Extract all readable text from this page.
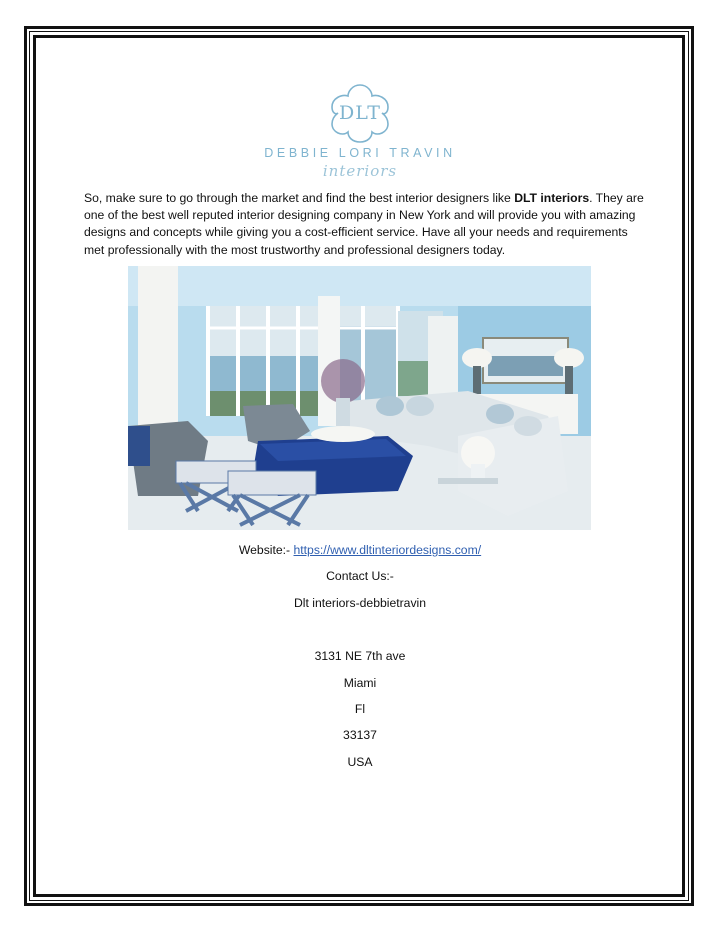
DLT
DEBBIE LORI TRAVIN
interiors
So, make sure to go through the market and find the best interior designers like DLT interiors. They are one of the best well reputed interior designing company in New York and will provide you with amazing designs and concepts while giving you a cost-efficient service. Have all your needs and requirements met professionally with the most trustworthy and professional designers today.
Website:- https://www.dltinteriordesigns.com/
Contact Us:-
Dlt interiors-debbietravin
3131 NE 7th ave
Miami
Fl
33137
USA
